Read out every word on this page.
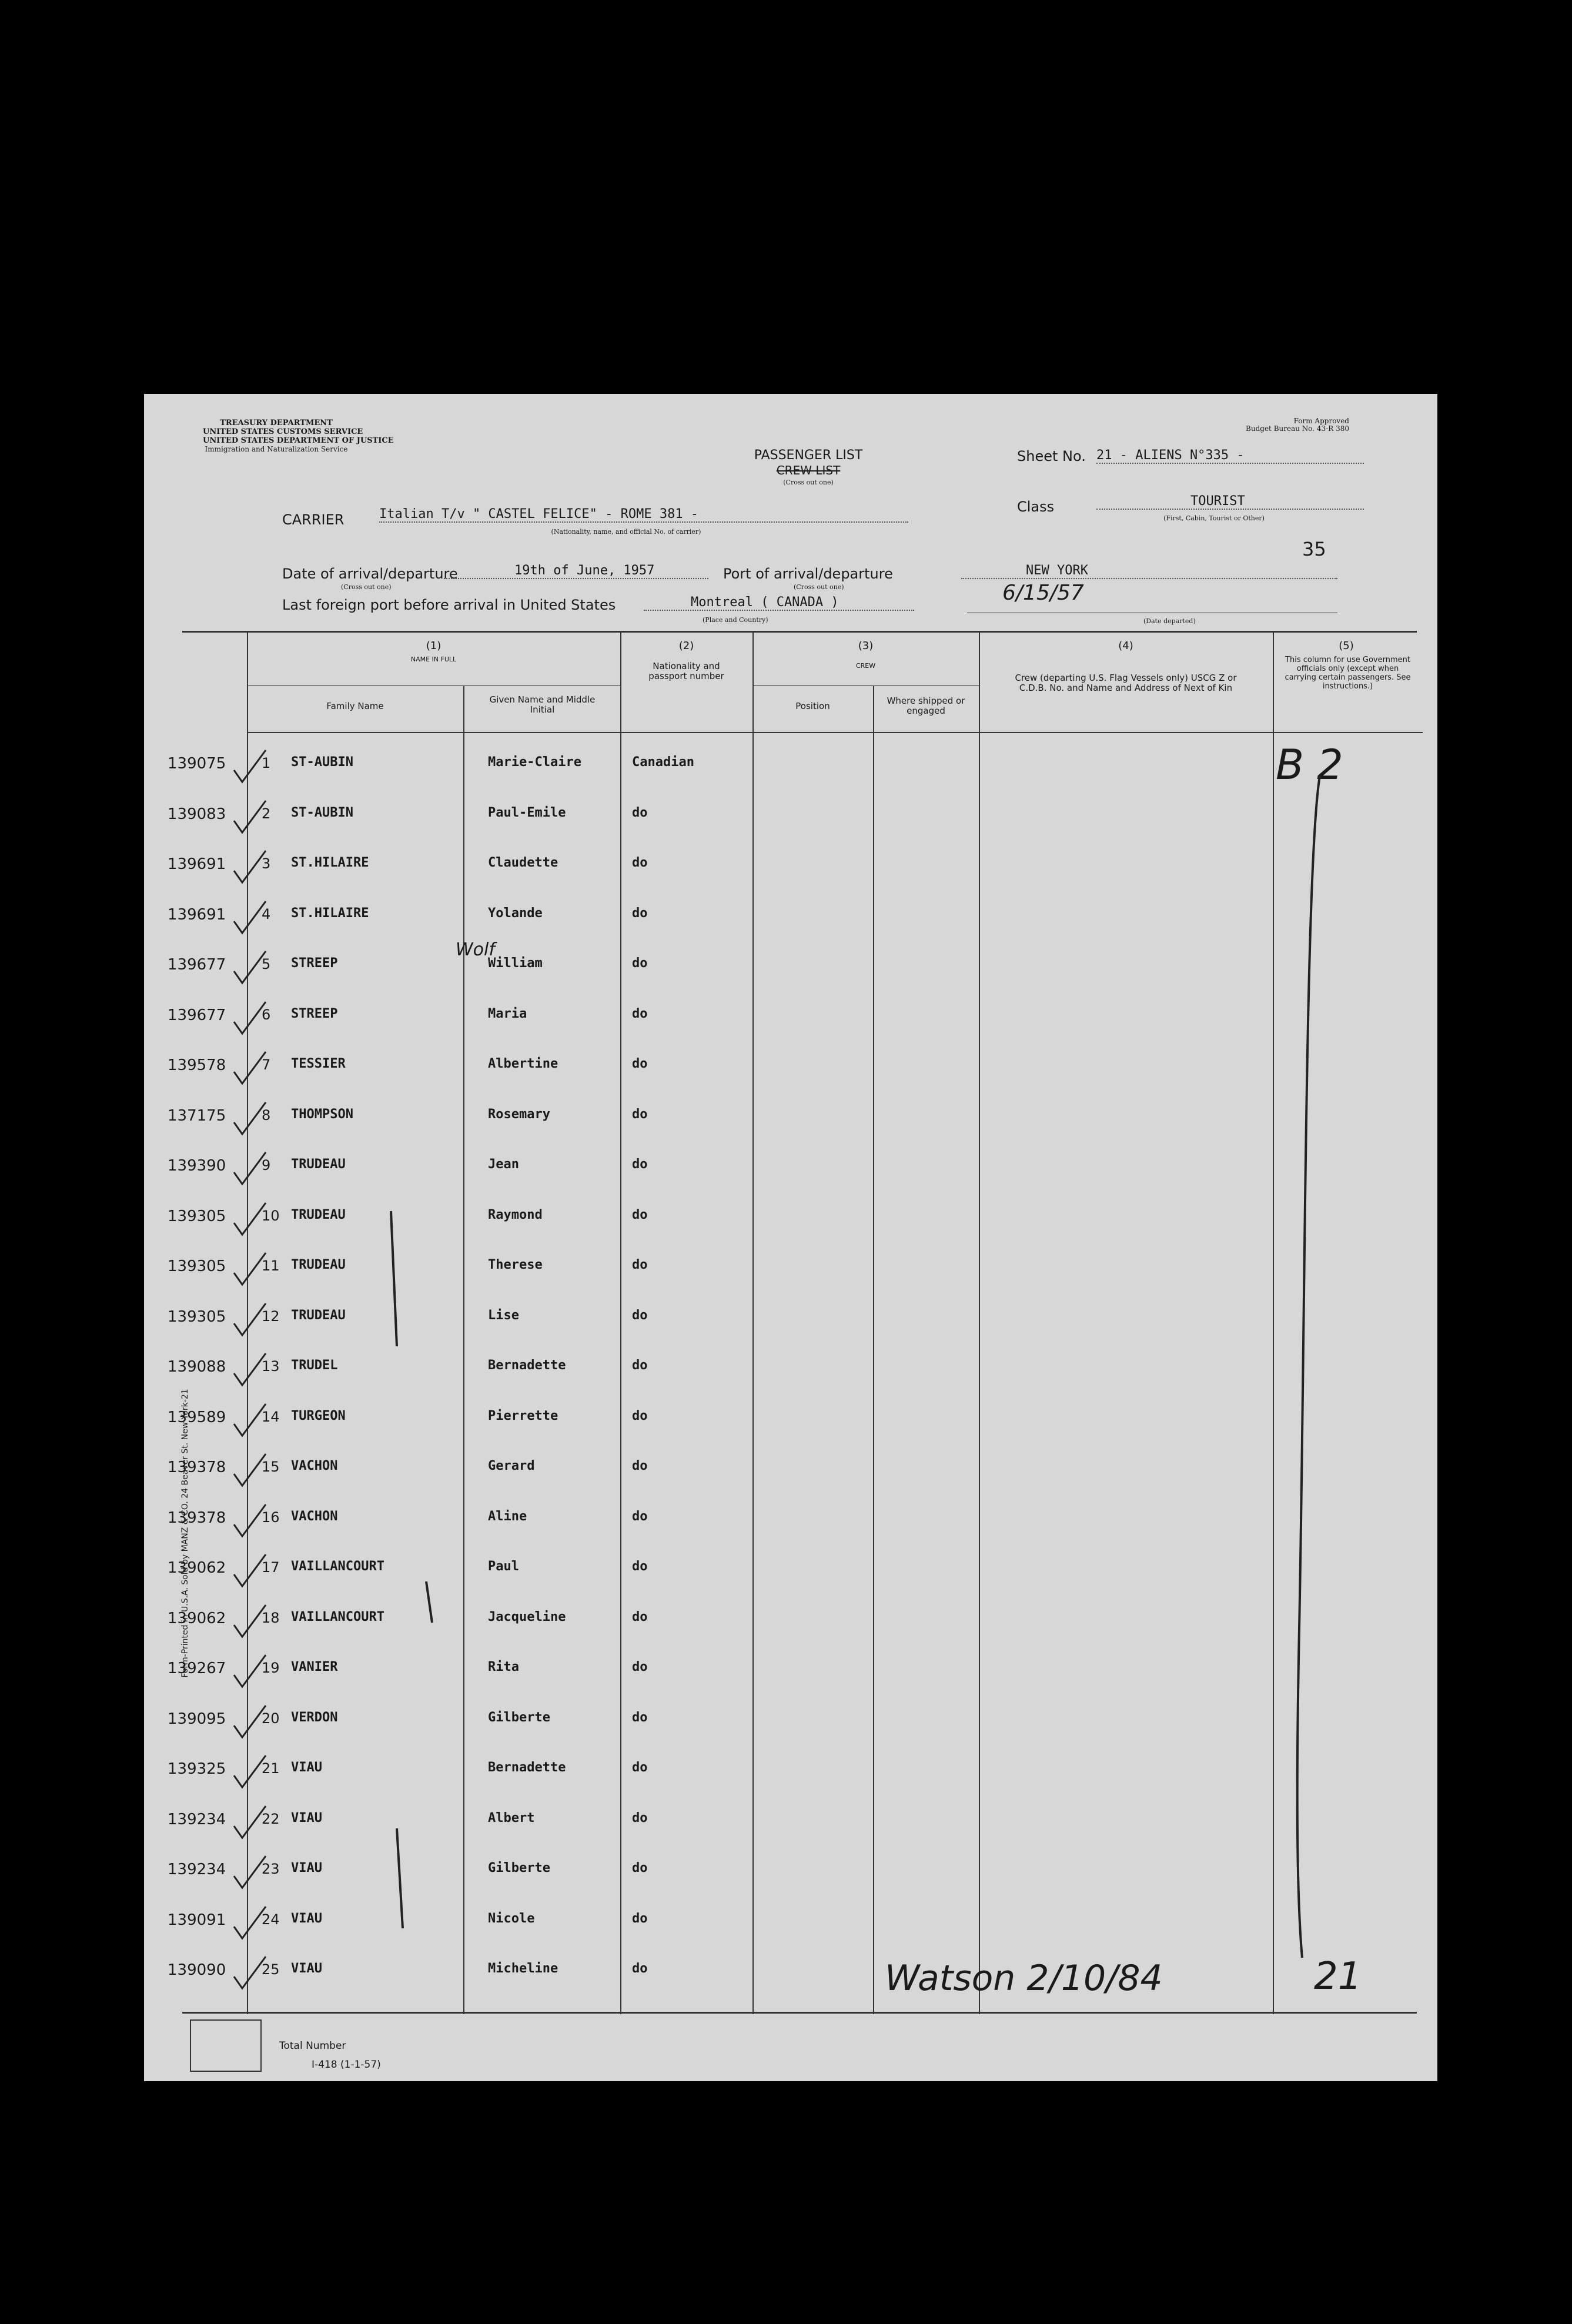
TREASURY DEPARTMENT
UNITED STATES CUSTOMS SERVICE
UNITED STATES DEPARTMENT OF JUSTICE
Immigration and Naturalization Service
Form Approved
Budget Bureau No. 43-R 380
PASSENGER LIST
CREW LIST
(Cross out one)
Sheet No. 21 - ALIENS N°335 -
Class	TOURIST
(First, Cabin, Tourist or Other)
35
CARRIER	Italian T/v " CASTEL FELICE" - ROME 381 -
(Nationality, name, and official No. of carrier)
Date of arrival/departure
(Cross out one)
19th of June, 1957	Port of arrival/departure
(Cross out one)
NEW YORK
Last foreign port before arrival in United States	Montreal ( CANADA )
(Place and Country)
6/15/57
(Date departed)
(1)
NAME IN FULL
Family Name
Given Name and Middle Initial
(2)
Nationality and passport number
(3)
CREW
Position	Where shipped or engaged
(4)
Crew (departing U.S. Flag Vessels only) USCG Z or C.D.B. No. and Name and Address of Next of Kin
(5)
This column for use Government officials only (except when carrying certain passengers. See instructions.)
139075	1 ST-AUBIN	Marie-Claire	Canadian
139083	2 ST-AUBIN	Paul-Emile	do
139691	3 ST.HILAIRE	Claudette	do
139691	4 ST.HILAIRE	Yolande	do
139677	5 STREEP	William	do
139677	6 STREEP	Maria	do
139578	7 TESSIER	Albertine	do
137175	8 THOMPSON	Rosemary	do
139390	9 TRUDEAU	Jean	do
139305	10 TRUDEAU	Raymond	do
139305	11 TRUDEAU	Therese	do
139305	12 TRUDEAU	Lise	do
139088	13 TRUDEL	Bernadette	do
139589	14 TURGEON	Pierrette	do
139378	15 VACHON	Gerard	do
139378	16 VACHON	Aline	do
139062	17 VAILLANCOURT	Paul	do
139062	18 VAILLANCOURT	Jacqueline	do
139267	19 VANIER	Rita	do
139095	20 VERDON	Gilberte	do
139325	21 VIAU	Bernadette	do
139234	22 VIAU	Albert	do
139234	23 VIAU	Gilberte	do
139091	24 VIAU	Nicole	do
139090	25 VIAU	Micheline	do
Total Number
I-418 (1-1-57)
Form-Printed in U.S.A. Sold by MANZ & CO. 24 Beaver St. New York-21
B 2
Wolf
Watson 2/10/84	21
